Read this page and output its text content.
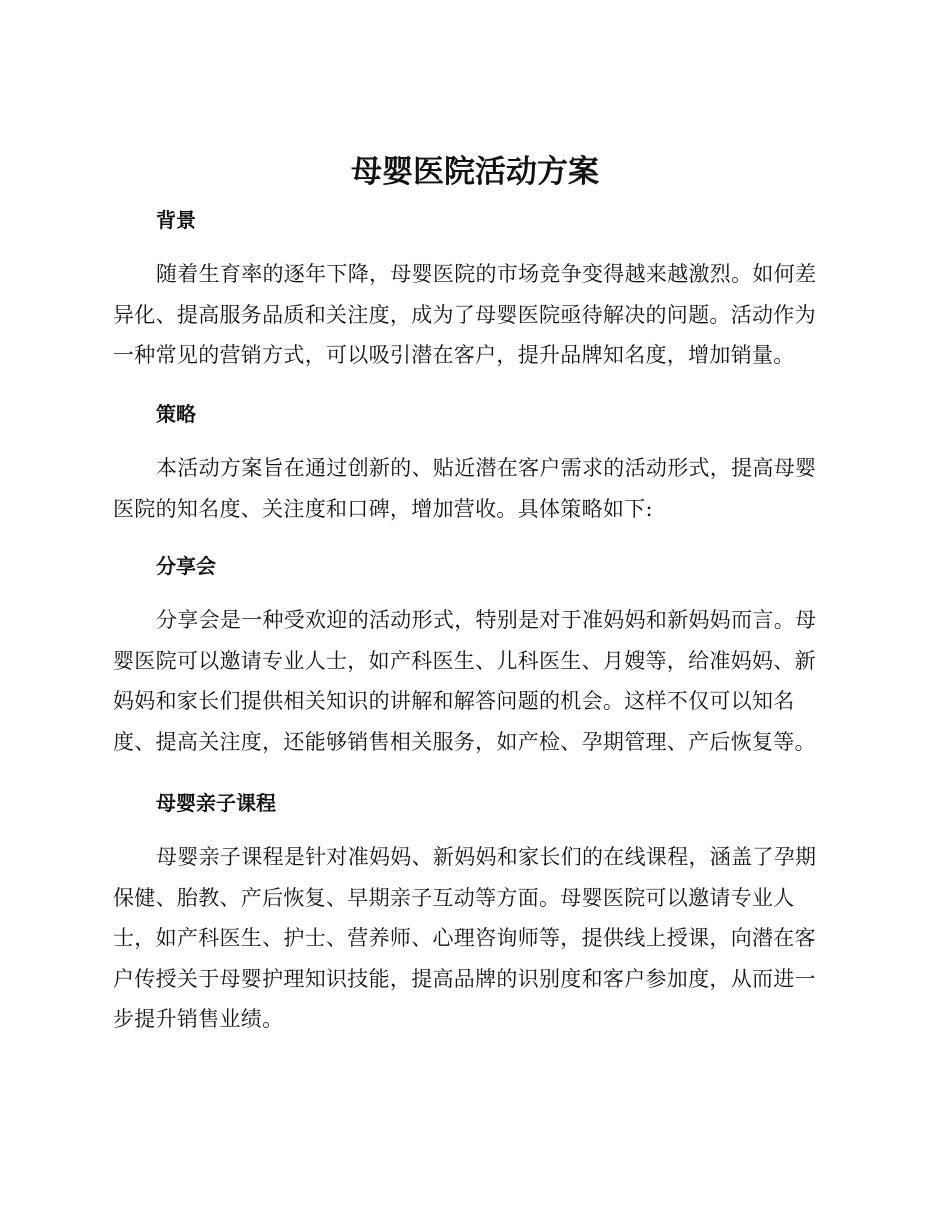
母婴医院活动方案
背景
随着生育率的逐年下降，母婴医院的市场竞争变得越来越激烈。如何差
异化、提高服务品质和关注度，成为了母婴医院亟待解决的问题。活动作为
一种常见的营销方式，可以吸引潜在客户，提升品牌知名度，增加销量。
策略
本活动方案旨在通过创新的、贴近潜在客户需求的活动形式，提高母婴
医院的知名度、关注度和口碑，增加营收。具体策略如下:
分享会
分享会是一种受欢迎的活动形式，特别是对于准妈妈和新妈妈而言。母
婴医院可以邀请专业人士，如产科医生、儿科医生、月嫂等，给准妈妈、新
妈妈和家长们提供相关知识的讲解和解答问题的机会。这样不仅可以知名
度、提高关注度，还能够销售相关服务，如产检、孕期管理、产后恢复等。
母婴亲子课程
母婴亲子课程是针对准妈妈、新妈妈和家长们的在线课程，涵盖了孕期
保健、胎教、产后恢复、早期亲子互动等方面。母婴医院可以邀请专业人
士，如产科医生、护士、营养师、心理咨询师等，提供线上授课，向潜在客
户传授关于母婴护理知识技能，提高品牌的识别度和客户参加度，从而进一
步提升销售业绩。
